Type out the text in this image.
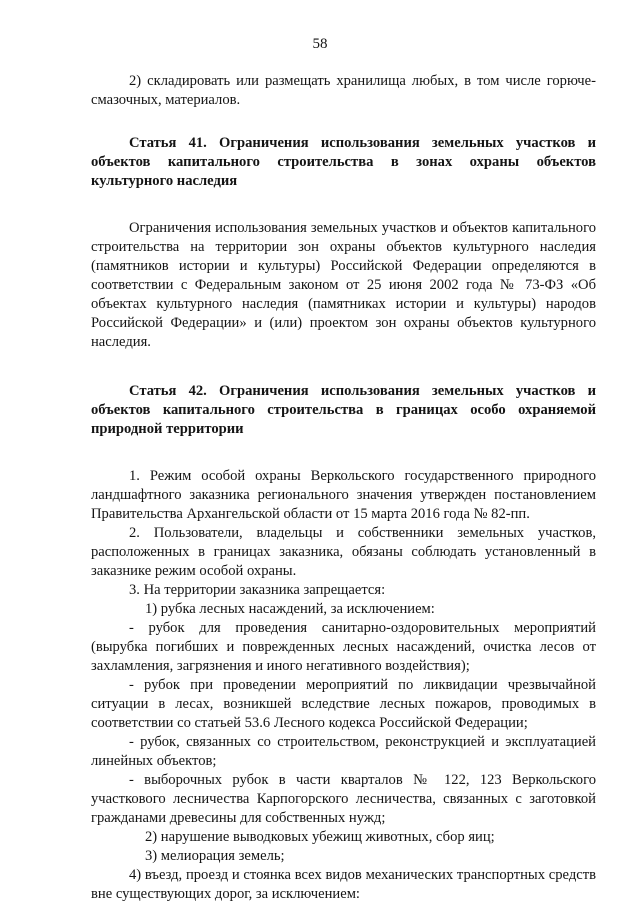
58

2) складировать или размещать хранилища любых, в том числе горюче-смазочных, материалов.

Статья 41. Ограничения использования земельных участков и объектов капитального строительства в зонах охраны объектов культурного наследия

Ограничения использования земельных участков и объектов капитального строительства на территории зон охраны объектов культурного наследия (памятников истории и культуры) Российской Федерации определяются в соответствии с Федеральным законом от 25 июня 2002 года № 73-ФЗ «Об объектах культурного наследия (памятниках истории и культуры) народов Российской Федерации» и (или) проектом зон охраны объектов культурного наследия.

Статья 42. Ограничения использования земельных участков и объектов капитального строительства в границах особо охраняемой природной территории

1. Режим особой охраны Веркольского государственного природного ландшафтного заказника регионального значения утвержден постановлением Правительства Архангельской области от 15 марта 2016 года № 82-пп.

2. Пользователи, владельцы и собственники земельных участков, расположенных в границах заказника, обязаны соблюдать установленный в заказнике режим особой охраны.

3. На территории заказника запрещается:

1) рубка лесных насаждений, за исключением:

- рубок для проведения санитарно-оздоровительных мероприятий (вырубка погибших и поврежденных лесных насаждений, очистка лесов от захламления, загрязнения и иного негативного воздействия);

- рубок при проведении мероприятий по ликвидации чрезвычайной ситуации в лесах, возникшей вследствие лесных пожаров, проводимых в соответствии со статьей 53.6 Лесного кодекса Российской Федерации;

- рубок, связанных со строительством, реконструкцией и эксплуатацией линейных объектов;

- выборочных рубок в части кварталов № 122, 123 Веркольского участкового лесничества Карпогорского лесничества, связанных с заготовкой гражданами древесины для собственных нужд;

2) нарушение выводковых убежищ животных, сбор яиц;

3) мелиорация земель;

4) въезд, проезд и стоянка всех видов механических транспортных средств вне существующих дорог, за исключением:
